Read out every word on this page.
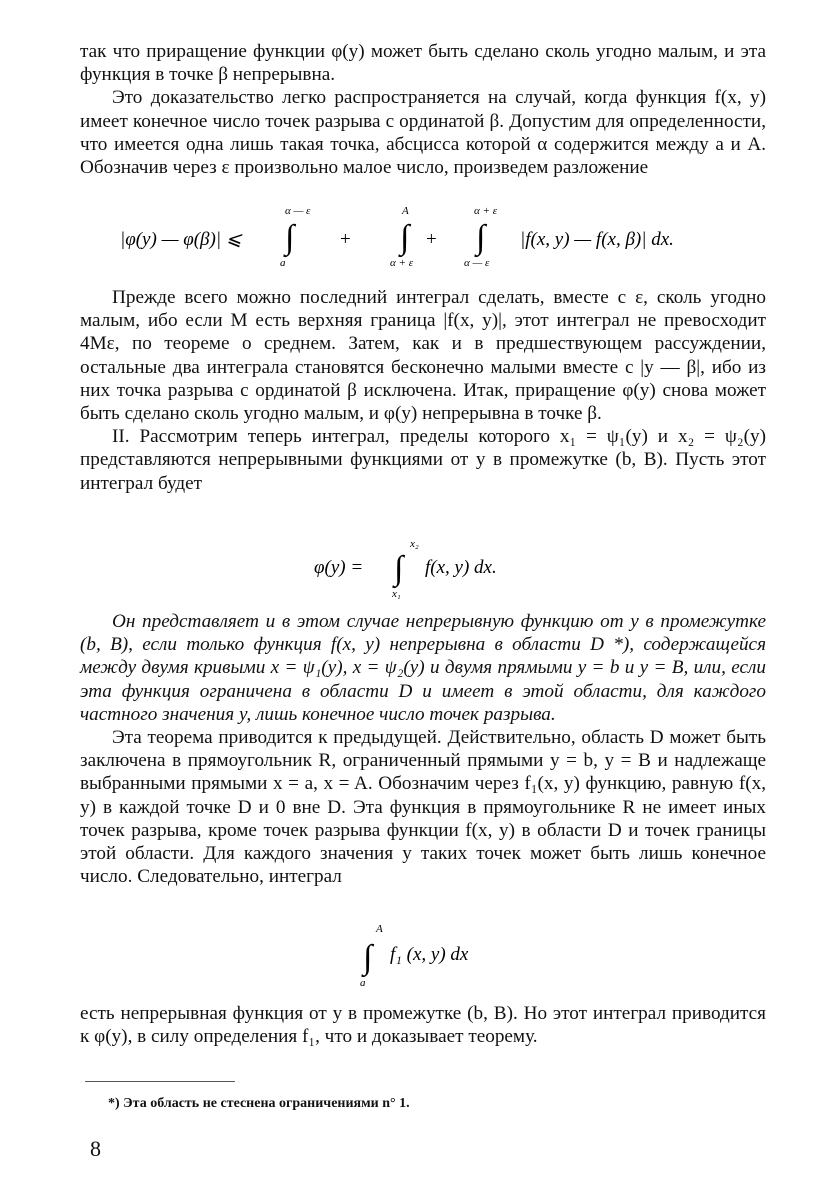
так что приращение функции φ(y) может быть сделано сколь угодно малым, и эта функция в точке β непрерывна.

Это доказательство легко распространяется на случай, когда функция f(x, y) имеет конечное число точек разрыва с ординатой β. Допустим для определенности, что имеется одна лишь такая точка, абсцисса которой α содержится между a и A. Обозначив через ε произвольно малое число, произведем разложение

|φ(y) — φ(β)| ⩽ ∫
α — ε
a
+ ∫
A
α + ε
+ ∫
α + ε
α — ε
|f(x, y) — f(x, β)| dx.

Прежде всего можно последний интеграл сделать, вместе с ε, сколь угодно малым, ибо если M есть верхняя граница |f(x, y)|, этот интеграл не превосходит 4Mε, по теореме о среднем. Затем, как и в предшествующем рассуждении, остальные два интеграла становятся бесконечно малыми вместе с |y — β|, ибо из них точка разрыва с ординатой β исключена. Итак, приращение φ(y) снова может быть сделано сколь угодно малым, и φ(y) непрерывна в точке β.

II. Рассмотрим теперь интеграл, пределы которого x₁ = ψ₁(y) и x₂ = ψ₂(y) представляются непрерывными функциями от y в промежутке (b, B). Пусть этот интеграл будет

φ(y) = ∫
x₂
x₁
f(x, y) dx.

Он представляет и в этом случае непрерывную функцию от y в промежутке (b, B), если только функция f(x, y) непрерывна в области D *), содержащейся между двумя кривыми x = ψ₁(y), x = ψ₂(y) и двумя прямыми y = b и y = B, или, если эта функция ограничена в области D и имеет в этой области, для каждого частного значения y, лишь конечное число точек разрыва.

Эта теорема приводится к предыдущей. Действительно, область D может быть заключена в прямоугольник R, ограниченный прямыми y = b, y = B и надлежаще выбранными прямыми x = a, x = A. Обозначим через f₁(x, y) функцию, равную f(x, y) в каждой точке D и 0 вне D. Эта функция в прямоугольнике R не имеет иных точек разрыва, кроме точек разрыва функции f(x, y) в области D и точек границы этой области. Для каждого значения y таких точек может быть лишь конечное число. Следовательно, интеграл

∫
A
a
f₁ (x, y) dx

есть непрерывная функция от y в промежутке (b, B). Но этот интеграл приводится к φ(y), в силу определения f₁, что и доказывает теорему.

*) Эта область не стеснена ограничениями n° 1.
8
